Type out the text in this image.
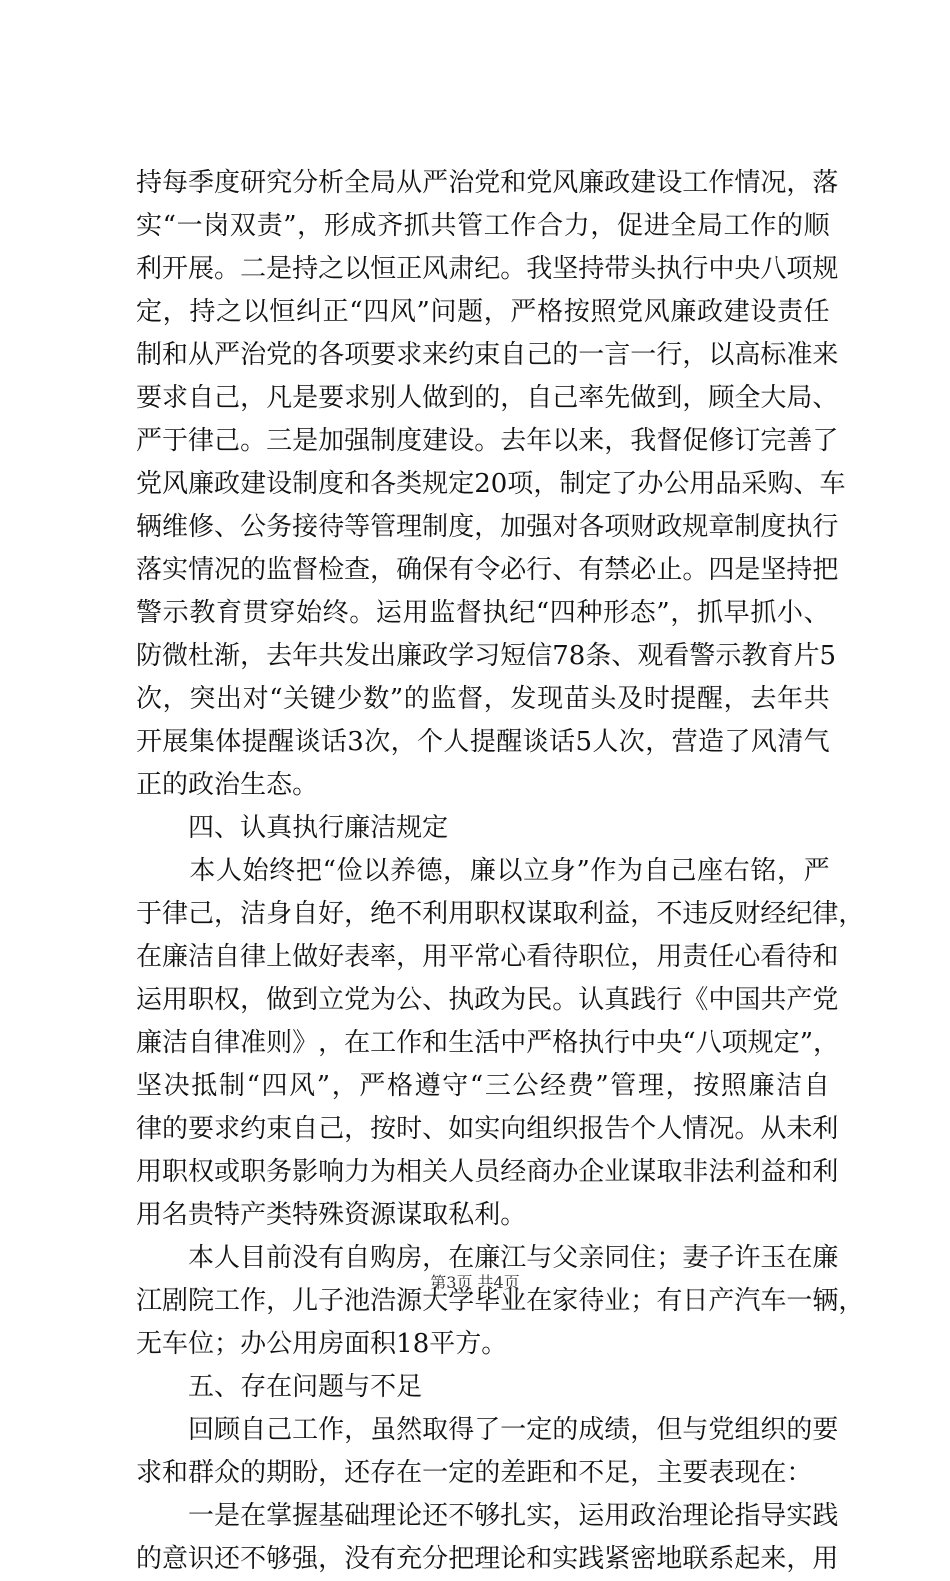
持 每 季 度 研 究 分 析 全 局 从 严 治 党 和 党 风 廉 政 建 设 工 作 情 况 ， 落
实 “ 一 岗 双 责 ” ， 形 成 齐 抓 共 管 工 作 合 力 ， 促 进 全 局 工 作 的 顺
利 开 展 。 二 是 持 之 以 恒 正 风 肃 纪 。 我 坚 持 带 头 执 行 中 央 八 项 规
定 ， 持 之 以 恒 纠 正 “ 四 风 ” 问 题 ， 严 格 按 照 党 风 廉 政 建 设 责 任
制 和 从 严 治 党 的 各 项 要 求 来 约 束 自 己 的 一 言 一 行 ， 以 高 标 准 来
要 求 自 己 ， 凡 是 要 求 别 人 做 到 的 ， 自 己 率 先 做 到 ， 顾 全 大 局 、
严 于 律 己 。 三 是 加 强 制 度 建 设 。 去 年 以 来 ， 我 督 促 修 订 完 善 了
党 风 廉 政 建 设 制 度 和 各 类 规 定 20 项 ， 制 定 了 办 公 用 品 采 购 、 车
辆 维 修 、 公 务 接 待 等 管 理 制 度 ， 加 强 对 各 项 财 政 规 章 制 度 执 行
落 实 情 况 的 监 督 检 查 ， 确 保 有 令 必 行 、 有 禁 必 止 。 四 是 坚 持 把
警 示 教 育 贯 穿 始 终 。 运 用 监 督 执 纪 “ 四 种 形 态 ” ， 抓 早 抓 小 、
防 微 杜 渐 ， 去 年 共 发 出 廉 政 学 习 短 信 78 条 、 观 看 警 示 教 育 片 5
次 ， 突 出 对 “ 关 键 少 数 ” 的 监 督 ， 发 现 苗 头 及 时 提 醒 ， 去 年 共
开 展 集 体 提 醒 谈 话 3 次 ， 个 人 提 醒 谈 话 5 人 次 ， 营 造 了 风 清 气
正 的 政 治 生 态 。

四 、 认 真 执 行 廉 洁 规 定

本 人 始 终 把 “ 俭 以 养 德 ， 廉 以 立 身 ” 作 为 自 己 座 右 铭 ， 严
于 律 己 ， 洁 身 自 好 ， 绝 不 利 用 职 权 谋 取 利 益 ， 不 违 反 财 经 纪 律 ，
在 廉 洁 自 律 上 做 好 表 率 ， 用 平 常 心 看 待 职 位 ， 用 责 任 心 看 待 和
运 用 职 权 ， 做 到 立 党 为 公 、 执 政 为 民 。 认 真 践 行 《 中 国 共 产 党
廉 洁 自 律 准 则 》 ， 在 工 作 和 生 活 中 严 格 执 行 中 央 “ 八 项 规 定 ” ，
坚 决 抵 制 “ 四 风 ” ， 严 格 遵 守 “ 三 公 经 费 ” 管 理 ， 按 照 廉 洁 自
律 的 要 求 约 束 自 己 ， 按 时 、 如 实 向 组 织 报 告 个 人 情 况 。 从 未 利
用 职 权 或 职 务 影 响 力 为 相 关 人 员 经 商 办 企 业 谋 取 非 法 利 益 和 利
用 名 贵 特 产 类 特 殊 资 源 谋 取 私 利 。

本 人 目 前 没 有 自 购 房 ， 在 廉 江 与 父 亲 同 住 ； 妻 子 许 玉 在 廉
江 剧 院 工 作 ， 儿 子 池 浩 源 大 学 毕 业 在 家 待 业 ； 有 日 产 汽 车 一 辆 ，
无 车 位 ； 办 公 用 房 面 积 18 平 方 。

五 、 存 在 问 题 与 不 足

回 顾 自 己 工 作 ， 虽 然 取 得 了 一 定 的 成 绩 ， 但 与 党 组 织 的 要
求 和 群 众 的 期 盼 ， 还 存 在 一 定 的 差 距 和 不 足 ， 主 要 表 现 在 ：

一 是 在 掌 握 基 础 理 论 还 不 够 扎 实 ， 运 用 政 治 理 论 指 导 实 践
的 意 识 还 不 够 强 ， 没 有 充 分 把 理 论 和 实 践 紧 密 地 联 系 起 来 ， 用
第3页 共4页
